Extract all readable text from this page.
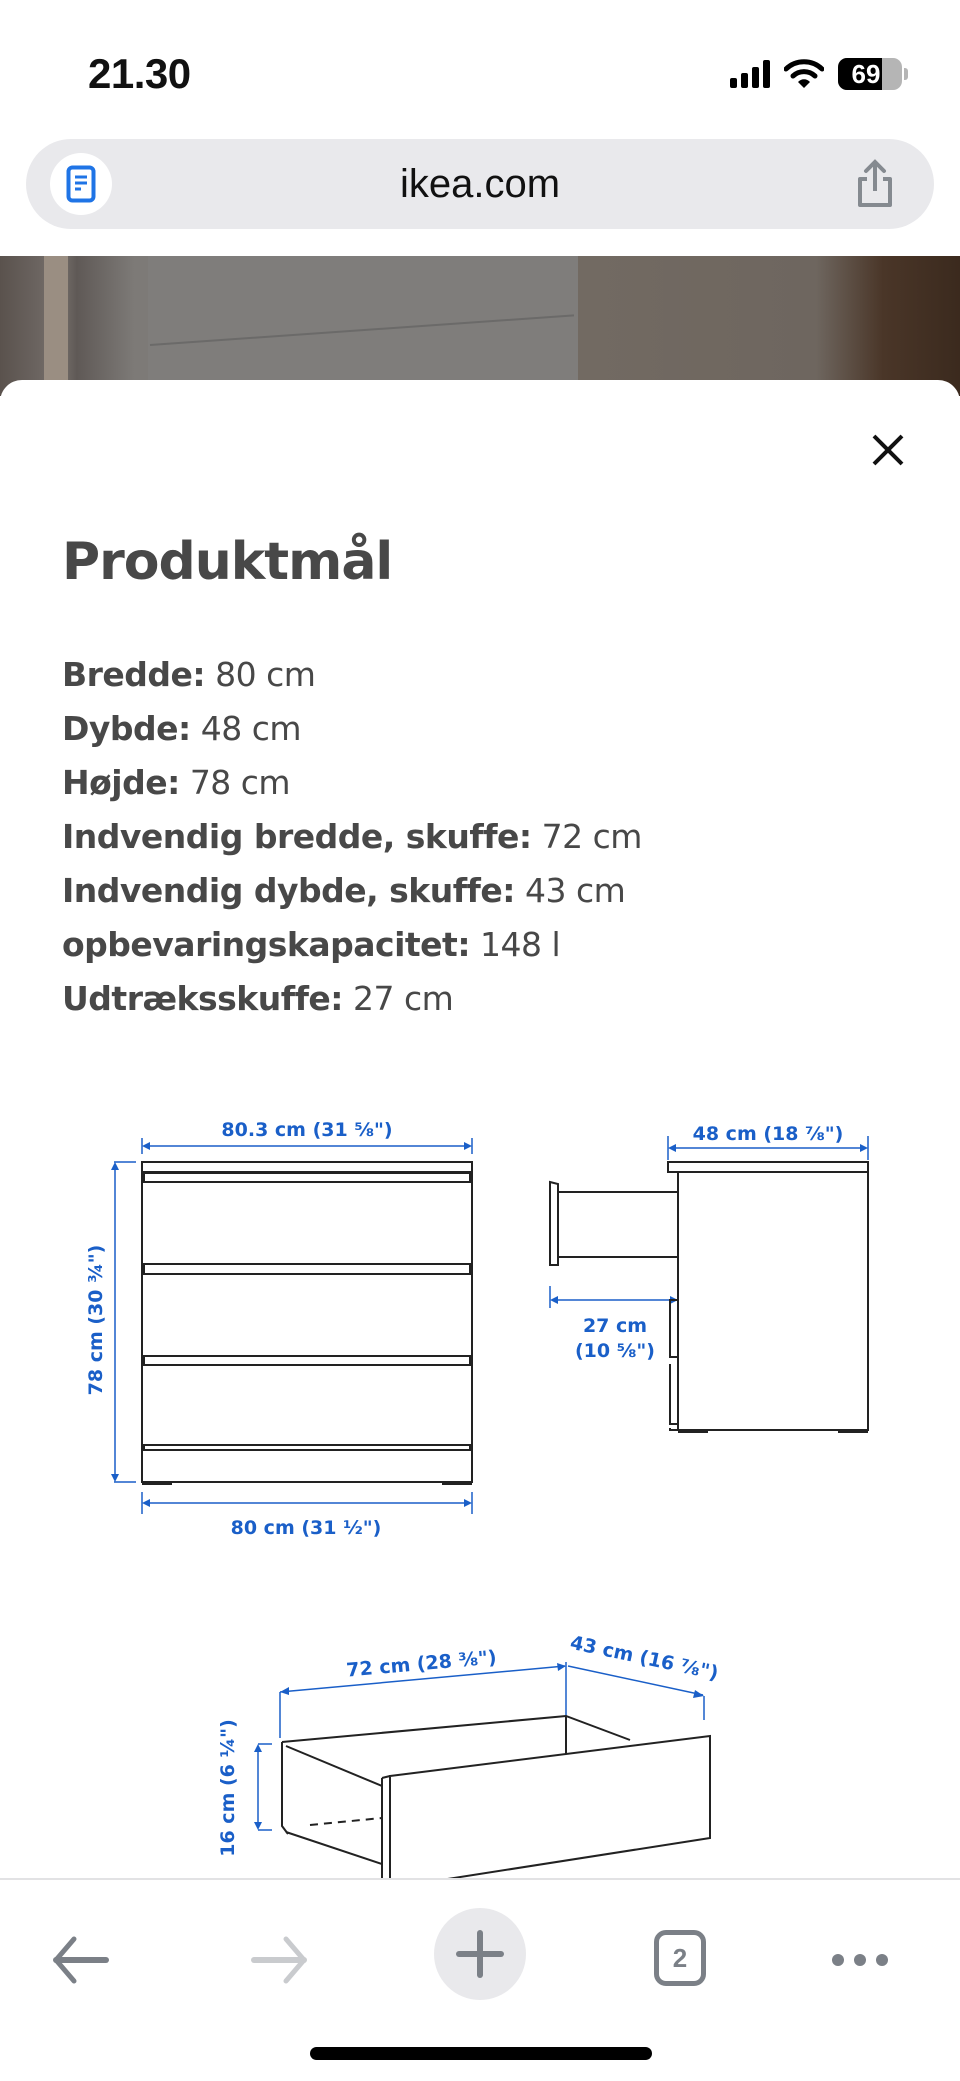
21.30	69
ikea.com
Produktmål
Bredde: 80 cm
Dybde: 48 cm
Højde: 78 cm
Indvendig bredde, skuffe: 72 cm
Indvendig dybde, skuffe: 43 cm
opbevaringskapacitet: 148 l
Udtræksskuffe: 27 cm
80.3 cm (31 ⅝")
80 cm (31 ½")
78 cm (30 ¾")
48 cm (18 ⅞")
27 cm
(10 ⅝")
72 cm (28 ⅜")	43 cm (16 ⅞")
16 cm (6 ¼")
2
